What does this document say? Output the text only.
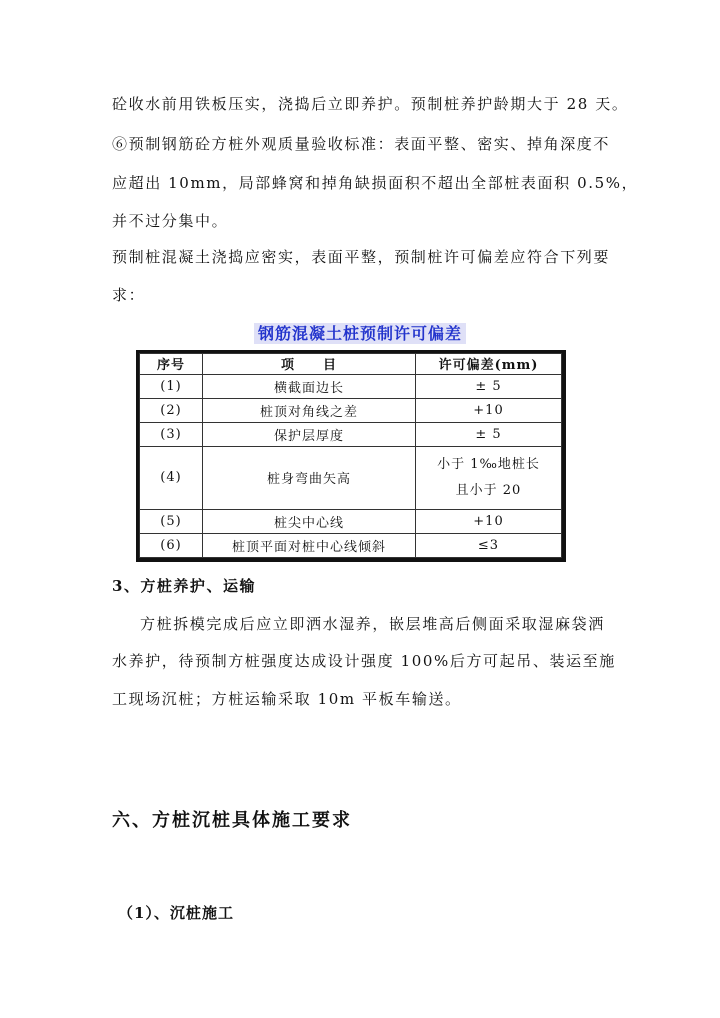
砼收水前用铁板压实，浇捣后立即养护。预制桩养护龄期大于 28 天。
⑥预制钢筋砼方桩外观质量验收标准：表面平整、密实、掉角深度不
应超出 10mm，局部蜂窝和掉角缺损面积不超出全部桩表面积 0.5%，
并不过分集中。
预制桩混凝土浇捣应密实，表面平整，预制桩许可偏差应符合下列要
求：
钢筋混凝土桩预制许可偏差
序号	项　　目	许可偏差(mm)
(1)	横截面边长	± 5
(2)	桩顶对角线之差	+10
(3)	保护层厚度	± 5
(4)	桩身弯曲矢高	小于 1‰地桩长
且小于 20

(5)	桩尖中心线	+10
(6)	桩顶平面对桩中心线倾斜	≤3
3、方桩养护、运输
方桩拆模完成后应立即洒水湿养，嵌层堆高后侧面采取湿麻袋洒
水养护，待预制方桩强度达成设计强度 100%后方可起吊、装运至施
工现场沉桩；方桩运输采取 10m 平板车输送。
六、方桩沉桩具体施工要求
（1）、沉桩施工
